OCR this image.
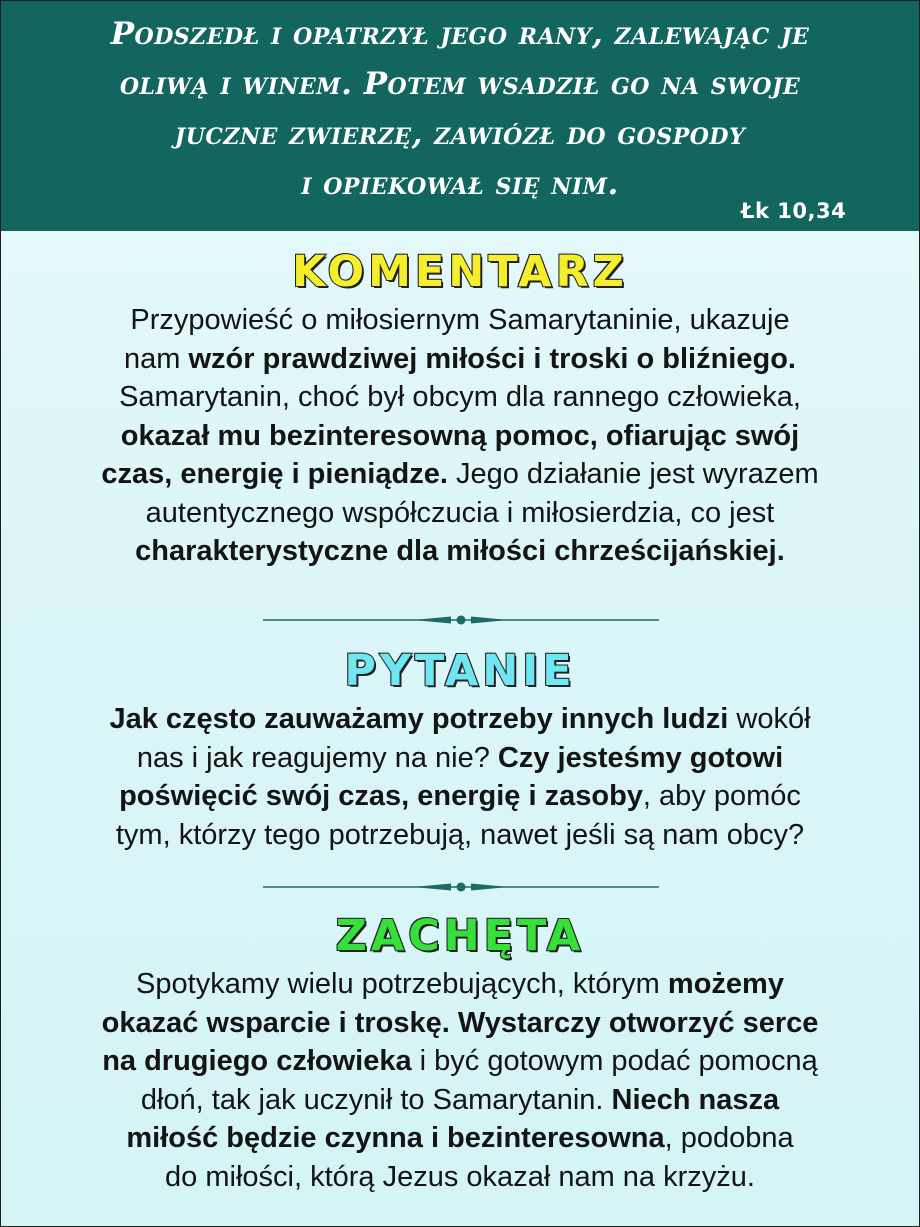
Podszedł i opatrzył jego rany, zalewając je
oliwą i winem. Potem wsadził go na swoje
juczne zwierzę, zawiózł do gospody
i opiekował się nim.
Łk 10,34
KOMENTARZ
Przypowieść o miłosiernym Samarytaninie, ukazuje
nam wzór prawdziwej miłości i troski o bliźniego.
Samarytanin, choć był obcym dla rannego człowieka,
okazał mu bezinteresowną pomoc, ofiarując swój
czas, energię i pieniądze. Jego działanie jest wyrazem
autentycznego współczucia i miłosierdzia, co jest
charakterystyczne dla miłości chrześcijańskiej.
PYTANIE
Jak często zauważamy potrzeby innych ludzi wokół
nas i jak reagujemy na nie? Czy jesteśmy gotowi
poświęcić swój czas, energię i zasoby, aby pomóc
tym, którzy tego potrzebują, nawet jeśli są nam obcy?
ZACHĘTA
Spotykamy wielu potrzebujących, którym możemy
okazać wsparcie i troskę. Wystarczy otworzyć serce
na drugiego człowieka i być gotowym podać pomocną
dłoń, tak jak uczynił to Samarytanin. Niech nasza
miłość będzie czynna i bezinteresowna, podobna
do miłości, którą Jezus okazał nam na krzyżu.
